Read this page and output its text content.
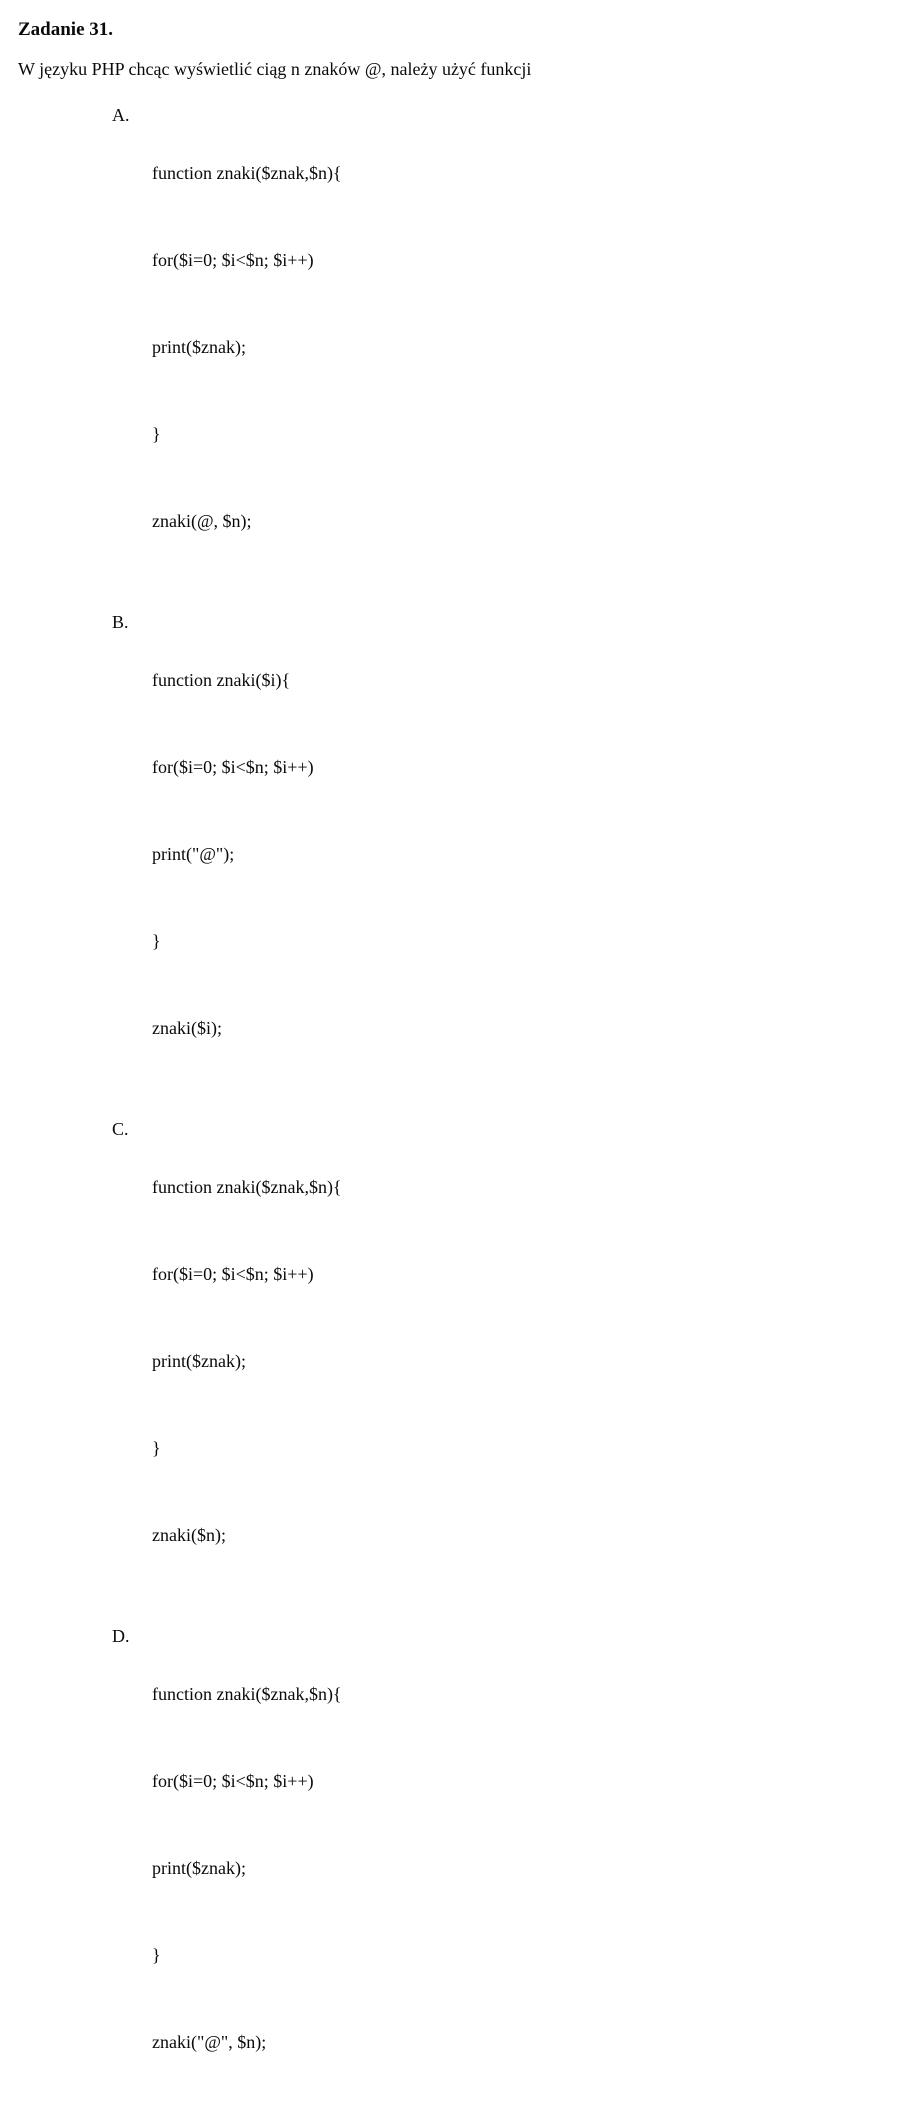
Zadanie 31.
W języku PHP chcąc wyświetlić ciąg n znaków @, należy użyć funkcji
A.

function znaki($znak,$n){

for($i=0; $i<$n; $i++)

print($znak);

}

znaki(@, $n);

B.

function znaki($i){

for($i=0; $i<$n; $i++)

print("@");

}

znaki($i);

C.

function znaki($znak,$n){

for($i=0; $i<$n; $i++)

print($znak);

}

znaki($n);

D.

function znaki($znak,$n){

for($i=0; $i<$n; $i++)

print($znak);

}

znaki("@", $n);
